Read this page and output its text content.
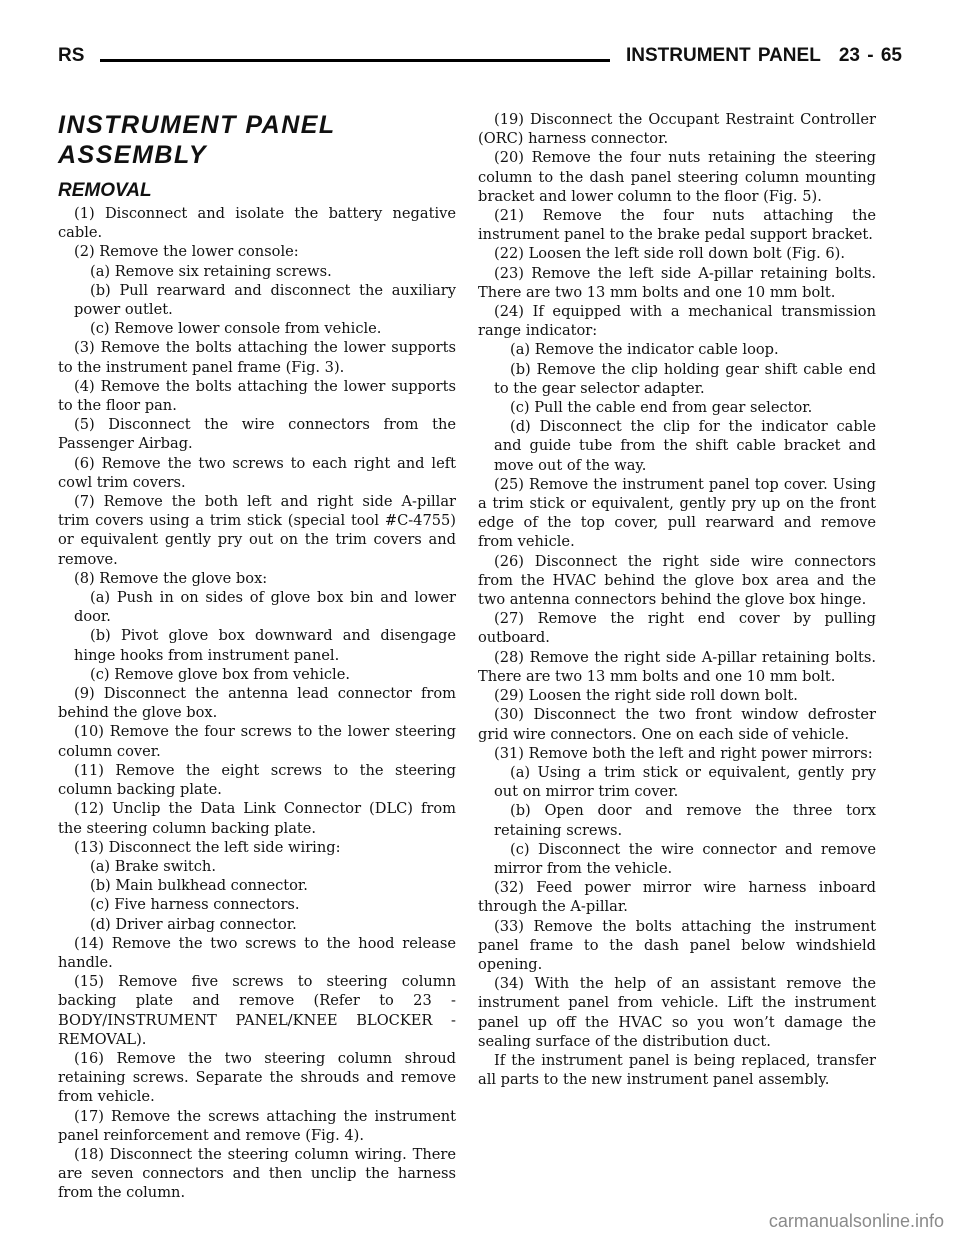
RS	INSTRUMENT PANEL 23 - 65
INSTRUMENT PANEL ASSEMBLY
REMOVAL

(1) Disconnect and isolate the battery negative cable.

(2) Remove the lower console:

(a) Remove six retaining screws.

(b) Pull rearward and disconnect the auxiliary power outlet.

(c) Remove lower console from vehicle.

(3) Remove the bolts attaching the lower supports to the instrument panel frame (Fig. 3).

(4) Remove the bolts attaching the lower supports to the floor pan.

(5) Disconnect the wire connectors from the Passenger Airbag.

(6) Remove the two screws to each right and left cowl trim covers.

(7) Remove the both left and right side A-pillar trim covers using a trim stick (special tool #C-4755) or equivalent gently pry out on the trim covers and remove.

(8) Remove the glove box:

(a) Push in on sides of glove box bin and lower door.

(b) Pivot glove box downward and disengage hinge hooks from instrument panel.

(c) Remove glove box from vehicle.

(9) Disconnect the antenna lead connector from behind the glove box.

(10) Remove the four screws to the lower steering column cover.

(11) Remove the eight screws to the steering column backing plate.

(12) Unclip the Data Link Connector (DLC) from the steering column backing plate.

(13) Disconnect the left side wiring:

(a) Brake switch.

(b) Main bulkhead connector.

(c) Five harness connectors.

(d) Driver airbag connector.

(14) Remove the two screws to the hood release handle.

(15) Remove five screws to steering column backing plate and remove (Refer to 23 - BODY/INSTRUMENT PANEL/KNEE BLOCKER - REMOVAL).

(16) Remove the two steering column shroud retaining screws. Separate the shrouds and remove from vehicle.

(17) Remove the screws attaching the instrument panel reinforcement and remove (Fig. 4).

(18) Disconnect the steering column wiring. There are seven connectors and then unclip the harness from the column.

(19) Disconnect the Occupant Restraint Controller (ORC) harness connector.

(20) Remove the four nuts retaining the steering column to the dash panel steering column mounting bracket and lower column to the floor (Fig. 5).

(21) Remove the four nuts attaching the instrument panel to the brake pedal support bracket.

(22) Loosen the left side roll down bolt (Fig. 6).

(23) Remove the left side A-pillar retaining bolts. There are two 13 mm bolts and one 10 mm bolt.

(24) If equipped with a mechanical transmission range indicator:

(a) Remove the indicator cable loop.

(b) Remove the clip holding gear shift cable end to the gear selector adapter.

(c) Pull the cable end from gear selector.

(d) Disconnect the clip for the indicator cable and guide tube from the shift cable bracket and move out of the way.

(25) Remove the instrument panel top cover. Using a trim stick or equivalent, gently pry up on the front edge of the top cover, pull rearward and remove from vehicle.

(26) Disconnect the right side wire connectors from the HVAC behind the glove box area and the two antenna connectors behind the glove box hinge.

(27) Remove the right end cover by pulling outboard.

(28) Remove the right side A-pillar retaining bolts. There are two 13 mm bolts and one 10 mm bolt.

(29) Loosen the right side roll down bolt.

(30) Disconnect the two front window defroster grid wire connectors. One on each side of vehicle.

(31) Remove both the left and right power mirrors:

(a) Using a trim stick or equivalent, gently pry out on mirror trim cover.

(b) Open door and remove the three torx retaining screws.

(c) Disconnect the wire connector and remove mirror from the vehicle.

(32) Feed power mirror wire harness inboard through the A-pillar.

(33) Remove the bolts attaching the instrument panel frame to the dash panel below windshield opening.

(34) With the help of an assistant remove the instrument panel from vehicle. Lift the instrument panel up off the HVAC so you won’t damage the sealing surface of the distribution duct.

If the instrument panel is being replaced, transfer all parts to the new instrument panel assembly.

carmanualsonline.info
